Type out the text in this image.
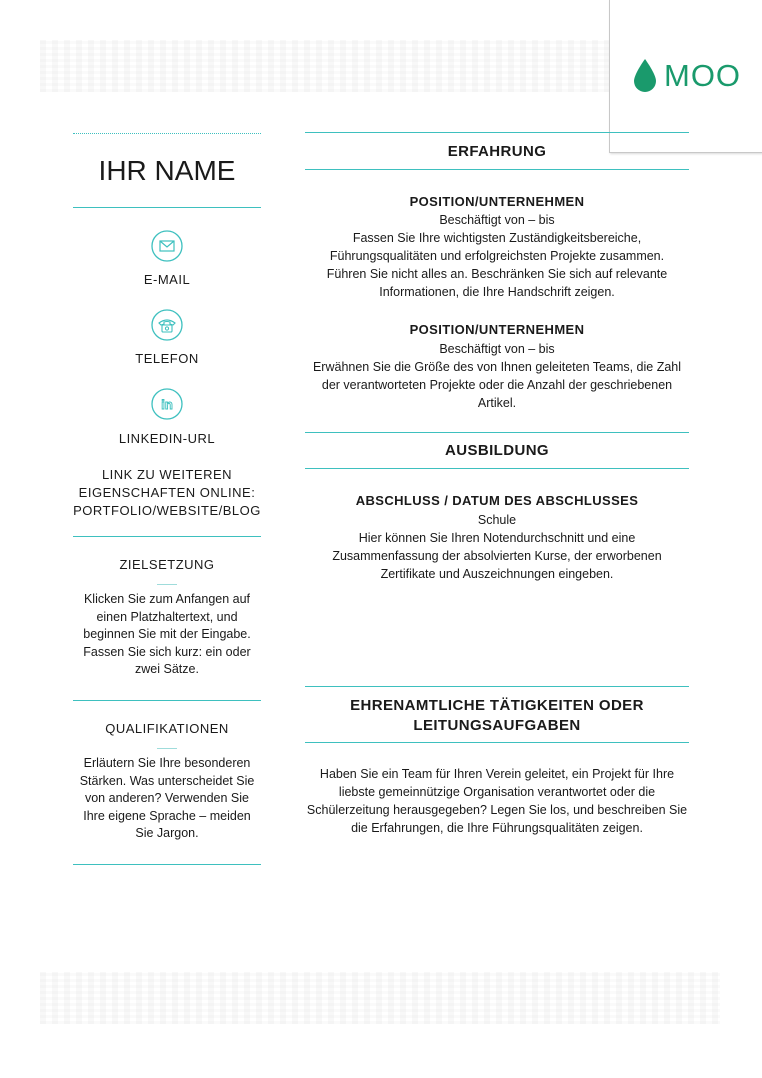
MOO
IHR NAME
E-MAIL
TELEFON
in
LINKEDIN-URL
LINK ZU WEITEREN EIGENSCHAFTEN ONLINE: PORTFOLIO/WEBSITE/BLOG
ZIELSETZUNG
Klicken Sie zum Anfangen auf einen Platzhaltertext, und beginnen Sie mit der Eingabe. Fassen Sie sich kurz: ein oder zwei Sätze.
QUALIFIKATIONEN
Erläutern Sie Ihre besonderen Stärken. Was unterscheidet Sie von anderen? Verwenden Sie Ihre eigene Sprache – meiden Sie Jargon.
ERFAHRUNG
POSITION/UNTERNEHMEN
Beschäftigt von – bis
Fassen Sie Ihre wichtigsten Zuständigkeitsbereiche, Führungsqualitäten und erfolgreichsten Projekte zusammen. Führen Sie nicht alles an. Beschränken Sie sich auf relevante Informationen, die Ihre Handschrift zeigen.
POSITION/UNTERNEHMEN
Beschäftigt von – bis
Erwähnen Sie die Größe des von Ihnen geleiteten Teams, die Zahl der verantworteten Projekte oder die Anzahl der geschriebenen Artikel.
AUSBILDUNG
ABSCHLUSS / DATUM DES ABSCHLUSSES
Schule
Hier können Sie Ihren Notendurchschnitt und eine Zusammenfassung der absolvierten Kurse, der erworbenen Zertifikate und Auszeichnungen eingeben.
EHRENAMTLICHE TÄTIGKEITEN ODER LEITUNGSAUFGABEN
Haben Sie ein Team für Ihren Verein geleitet, ein Projekt für Ihre liebste gemeinnützige Organisation verantwortet oder die Schülerzeitung herausgegeben? Legen Sie los, und beschreiben Sie die Erfahrungen, die Ihre Führungsqualitäten zeigen.
